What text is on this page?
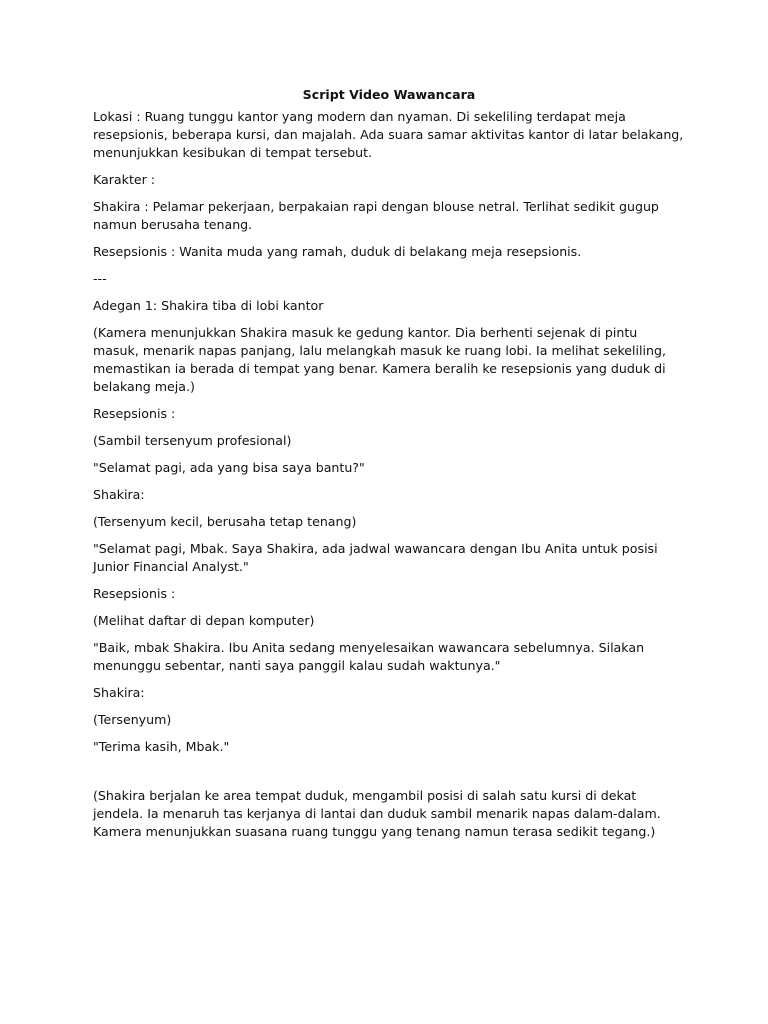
Script Video Wawancara

Lokasi : Ruang tunggu kantor yang modern dan nyaman. Di sekeliling terdapat meja resepsionis, beberapa kursi, dan majalah. Ada suara samar aktivitas kantor di latar belakang, menunjukkan kesibukan di tempat tersebut.

Karakter :

Shakira : Pelamar pekerjaan, berpakaian rapi dengan blouse netral. Terlihat sedikit gugup namun berusaha tenang.

Resepsionis : Wanita muda yang ramah, duduk di belakang meja resepsionis.

---

Adegan 1: Shakira tiba di lobi kantor

(Kamera menunjukkan Shakira masuk ke gedung kantor. Dia berhenti sejenak di pintu masuk, menarik napas panjang, lalu melangkah masuk ke ruang lobi. Ia melihat sekeliling, memastikan ia berada di tempat yang benar. Kamera beralih ke resepsionis yang duduk di belakang meja.)

Resepsionis :

(Sambil tersenyum profesional)

"Selamat pagi, ada yang bisa saya bantu?"

Shakira:

(Tersenyum kecil, berusaha tetap tenang)

"Selamat pagi, Mbak. Saya Shakira, ada jadwal wawancara dengan Ibu Anita untuk posisi Junior Financial Analyst."

Resepsionis :

(Melihat daftar di depan komputer)

"Baik, mbak Shakira. Ibu Anita sedang menyelesaikan wawancara sebelumnya. Silakan menunggu sebentar, nanti saya panggil kalau sudah waktunya."

Shakira:

(Tersenyum)

"Terima kasih, Mbak."

(Shakira berjalan ke area tempat duduk, mengambil posisi di salah satu kursi di dekat jendela. Ia menaruh tas kerjanya di lantai dan duduk sambil menarik napas dalam-dalam. Kamera menunjukkan suasana ruang tunggu yang tenang namun terasa sedikit tegang.)
